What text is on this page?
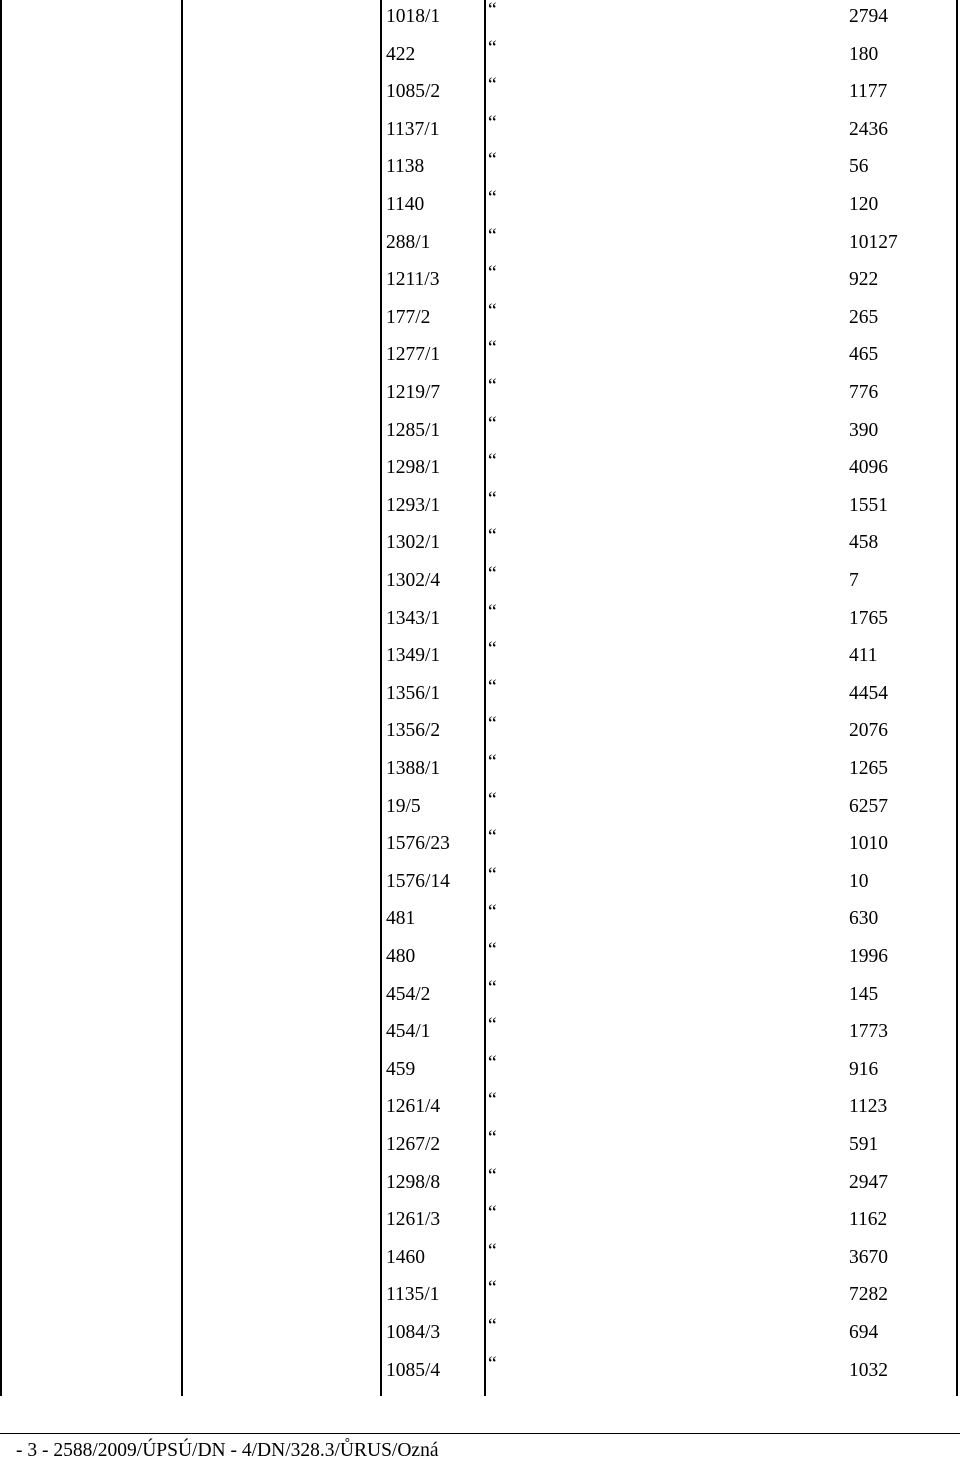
1018/1 “	2794
422	“	180
1085/2 “	1177
1137/1 “	2436
1138	“	56
1140	“	120
288/1	“	10127
1211/3 “	922
177/2	“	265
1277/1 “	465
1219/7 “	776
1285/1 “	390
1298/1 “	4096
1293/1 “	1551
1302/1 “	458
1302/4 “	7
1343/1 “	1765
1349/1 “	411
1356/1 “	4454
1356/2 “	2076
1388/1 “	1265
19/5	“	6257
1576/23 “	1010
1576/14 “	10
481	“	630
480	“	1996
454/2	“	145
454/1	“	1773
459	“	916
1261/4 “	1123
1267/2 “	591
1298/8 “	2947
1261/3 “	1162
1460	“	3670
1135/1 “	7282
1084/3 “	694
1085/4 “	1032
- 3 - 2588/2009/ÚPSÚ/DN - 4/DN/328.3/ŮRUS/Ozná
